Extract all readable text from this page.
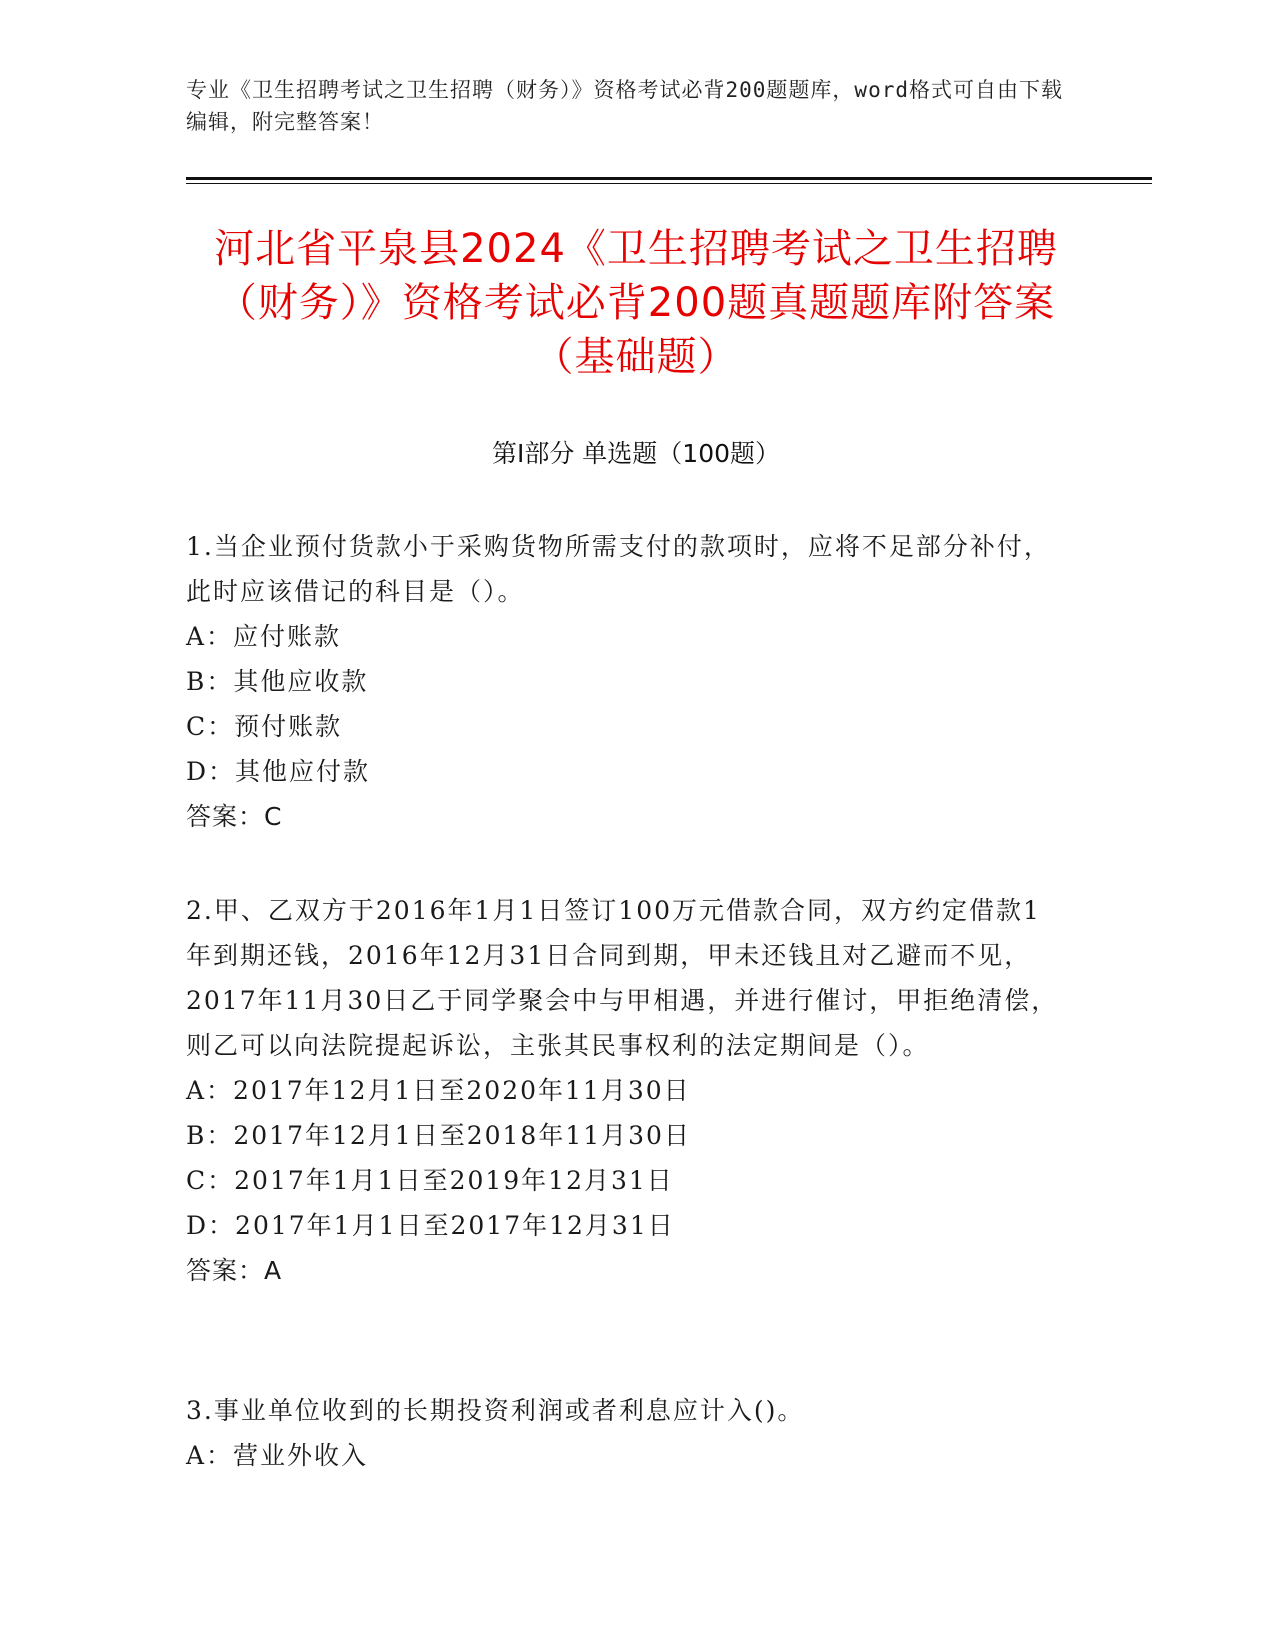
专业《卫生招聘考试之卫生招聘（财务）》资格考试必背200题题库，word格式可自由下载编辑，附完整答案！
河北省平泉县2024《卫生招聘考试之卫生招聘（财务）》资格考试必背200题真题题库附答案（基础题）
第Ⅰ部分 单选题（100题）

1.当企业预付货款小于采购货物所需支付的款项时，应将不足部分补付，此时应该借记的科目是（）。

A：应付账款

B：其他应收款

C：预付账款

D：其他应付款

答案：C

2.甲、乙双方于2016年1月1日签订100万元借款合同，双方约定借款1年到期还钱，2016年12月31日合同到期，甲未还钱且对乙避而不见，2017年11月30日乙于同学聚会中与甲相遇，并进行催讨，甲拒绝清偿，则乙可以向法院提起诉讼，主张其民事权利的法定期间是（）。

A：2017年12月1日至2020年11月30日

B：2017年12月1日至2018年11月30日

C：2017年1月1日至2019年12月31日

D：2017年1月1日至2017年12月31日

答案：A

3.事业单位收到的长期投资利润或者利息应计入()。

A：营业外收入
